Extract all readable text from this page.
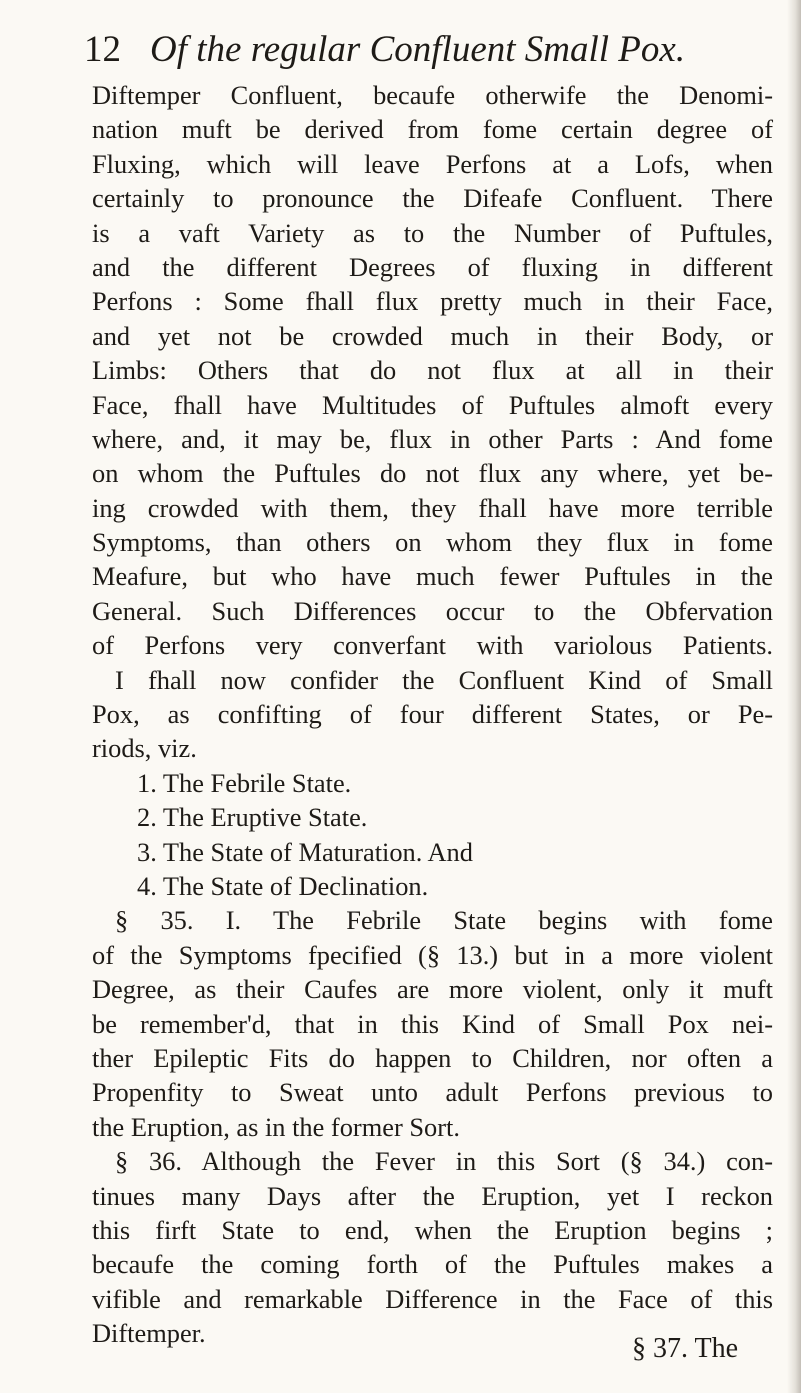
12 Of the regular Confluent Small Pox.
Diftemper Confluent, becaufe otherwife the Denomi-
nation muft be derived from fome certain degree of
Fluxing, which will leave Perfons at a Lofs, when
certainly to pronounce the Difeafe Confluent. There
is a vaft Variety as to the Number of Puftules,
and the different Degrees of fluxing in different
Perfons : Some fhall flux pretty much in their Face,
and yet not be crowded much in their Body, or
Limbs: Others that do not flux at all in their
Face, fhall have Multitudes of Puftules almoft every
where, and, it may be, flux in other Parts : And fome
on whom the Puftules do not flux any where, yet be-
ing crowded with them, they fhall have more terrible
Symptoms, than others on whom they flux in fome
Meafure, but who have much fewer Puftules in the
General. Such Differences occur to the Obfervation
of Perfons very converfant with variolous Patients.
I fhall now confider the Confluent Kind of Small
Pox, as confifting of four different States, or Pe-
riods, viz.
1. The Febrile State.
2. The Eruptive State.
3. The State of Maturation. And
4. The State of Declination.
§ 35. I. The Febrile State begins with fome
of the Symptoms fpecified (§ 13.) but in a more violent
Degree, as their Caufes are more violent, only it muft
be remember'd, that in this Kind of Small Pox nei-
ther Epileptic Fits do happen to Children, nor often a
Propenfity to Sweat unto adult Perfons previous to
the Eruption, as in the former Sort.
§ 36. Although the Fever in this Sort (§ 34.) con-
tinues many Days after the Eruption, yet I reckon
this firft State to end, when the Eruption begins ;
becaufe the coming forth of the Puftules makes a
vifible and remarkable Difference in the Face of this
Diftemper.	§ 37. The
